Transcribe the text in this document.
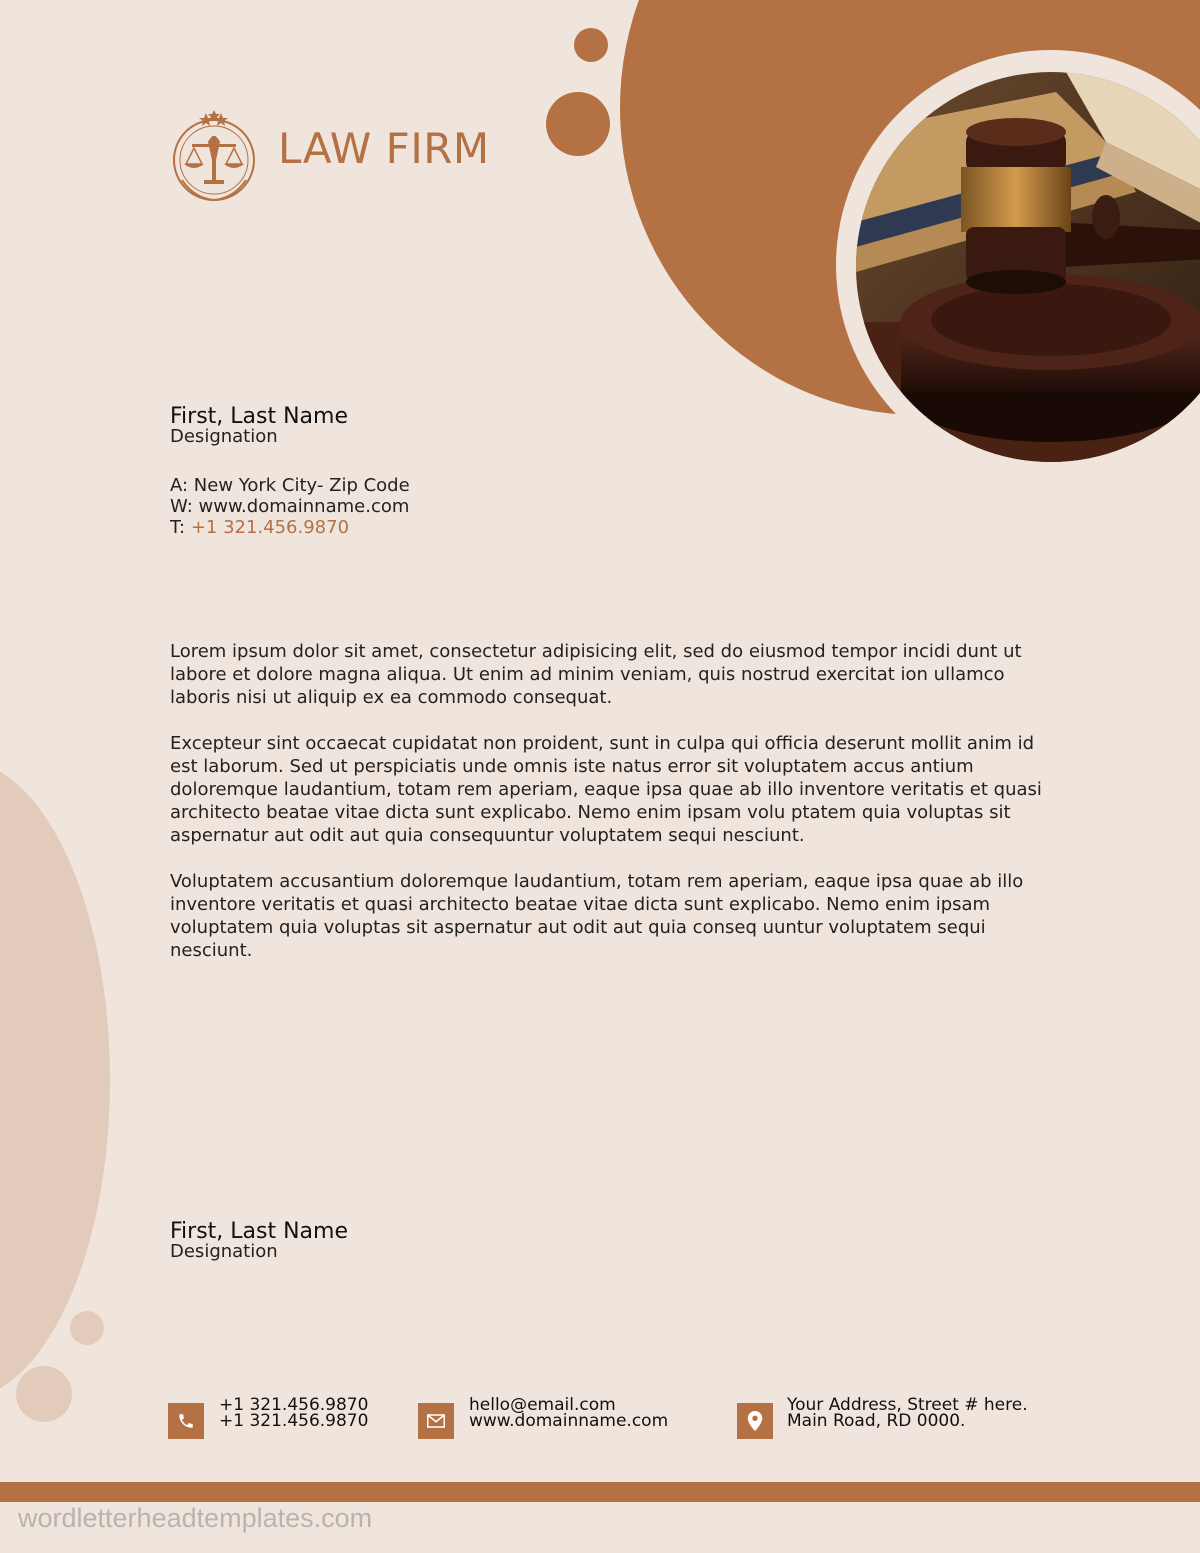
LAW FIRM
First, Last Name
Designation
A: New York City- Zip Code
W: www.domainname.com
T: +1 321.456.9870

Lorem ipsum dolor sit amet, consectetur adipisicing elit, sed do eiusmod tempor incidi dunt ut labore et dolore magna aliqua. Ut enim ad minim veniam, quis nostrud exercitat ion ullamco laboris nisi ut aliquip ex ea commodo consequat.

Excepteur sint occaecat cupidatat non proident, sunt in culpa qui officia deserunt mollit anim id est laborum. Sed ut perspiciatis unde omnis iste natus error sit voluptatem accus antium doloremque laudantium, totam rem aperiam, eaque ipsa quae ab illo inventore veritatis et quasi architecto beatae vitae dicta sunt explicabo. Nemo enim ipsam volu ptatem quia voluptas sit aspernatur aut odit aut quia consequuntur voluptatem sequi nesciunt.

Voluptatem accusantium doloremque laudantium, totam rem aperiam, eaque ipsa quae ab illo inventore veritatis et quasi architecto beatae vitae dicta sunt explicabo. Nemo enim ipsam voluptatem quia voluptas sit aspernatur aut odit aut quia conseq uuntur voluptatem sequi nesciunt.

First, Last Name
Designation
+1 321.456.9870
+1 321.456.9870
hello@email.com
www.domainname.com
Your Address, Street # here.
Main Road, RD 0000.
wordletterheadtemplates.com
